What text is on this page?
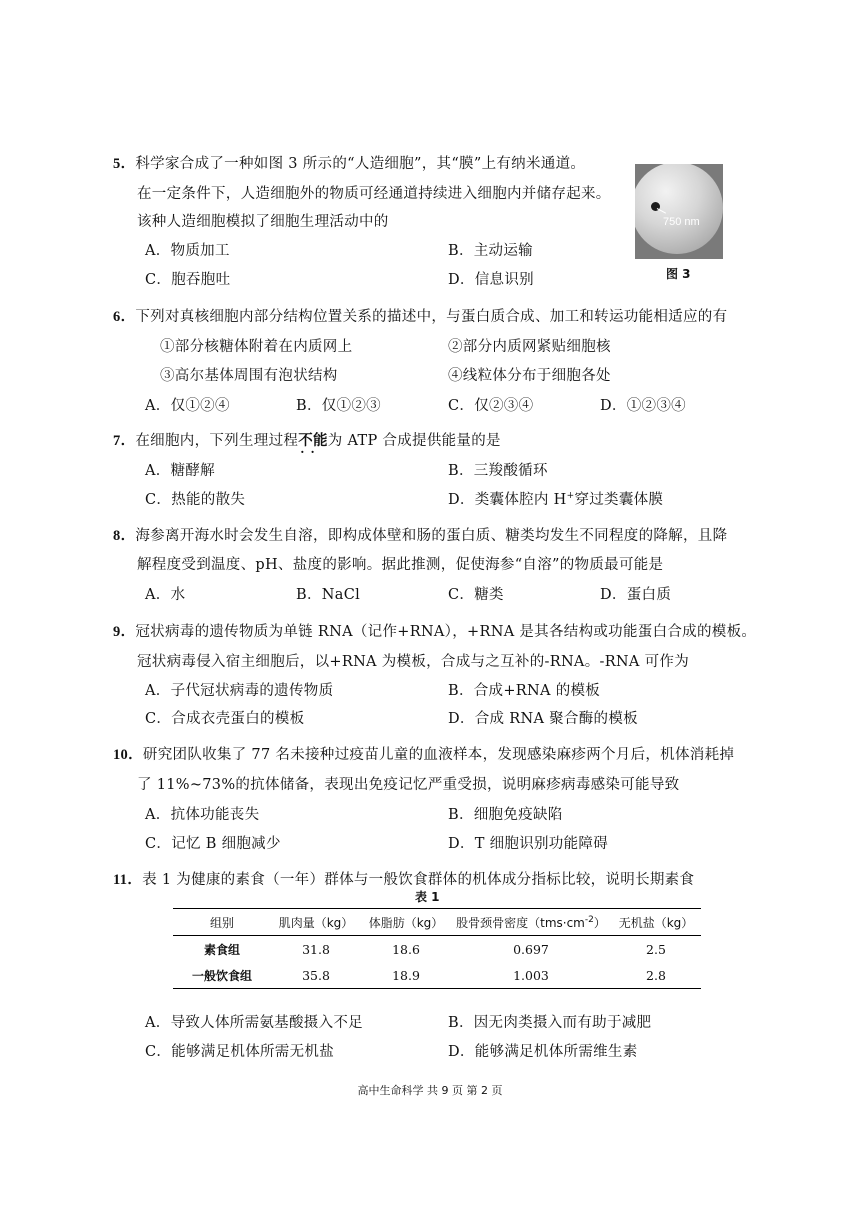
5．科学家合成了一种如图 3 所示的“人造细胞”，其“膜”上有纳米通道。
在一定条件下，人造细胞外的物质可经通道持续进入细胞内并储存起来。
该种人造细胞模拟了细胞生理活动中的
A．物质加工	B．主动运输
C．胞吞胞吐	D．信息识别
750 nm
图 3
6．下列对真核细胞内部分结构位置关系的描述中，与蛋白质合成、加工和转运功能相适应的有
①部分核糖体附着在内质网上	②部分内质网紧贴细胞核
③高尔基体周围有泡状结构	④线粒体分布于细胞各处
A．仅①②④	B．仅①②③	C．仅②③④	D．①②③④
7．在细胞内，下列生理过程不能 · ·为 ATP 合成提供能量的是
A．糖酵解	B．三羧酸循环
C．热能的散失	D．类囊体腔内 H+穿过类囊体膜
8．海参离开海水时会发生自溶，即构成体壁和肠的蛋白质、糖类均发生不同程度的降解，且降
解程度受到温度、pH、盐度的影响。据此推测，促使海参“自溶”的物质最可能是
A．水	B．NaCl	C．糖类	D．蛋白质
9．冠状病毒的遗传物质为单链 RNA（记作+RNA），+RNA 是其各结构或功能蛋白合成的模板。
冠状病毒侵入宿主细胞后，以+RNA 为模板，合成与之互补的-RNA。-RNA 可作为
A．子代冠状病毒的遗传物质	B．合成+RNA 的模板
C．合成衣壳蛋白的模板	D．合成 RNA 聚合酶的模板
10．研究团队收集了 77 名未接种过疫苗儿童的血液样本，发现感染麻疹两个月后，机体消耗掉
了 11%~73%的抗体储备，表现出免疫记忆严重受损，说明麻疹病毒感染可能导致
A．抗体功能丧失	B．细胞免疫缺陷
C．记忆 B 细胞减少	D．T 细胞识别功能障碍
11．表 1 为健康的素食（一年）群体与一般饮食群体的机体成分指标比较，说明长期素食
表 1
组别	肌肉量（kg）	体脂肪（kg）	股骨颈骨密度$(tms\cdot cm^{-2})$	无机盐（kg）
素食组	31.8	18.6	0.697	2.5
一般饮食组	35.8	18.9	1.003	2.8
A．导致人体所需氨基酸摄入不足	B．因无肉类摄入而有助于减肥
C．能够满足机体所需无机盐	D．能够满足机体所需维生素
高中生命科学 共 9 页 第 2 页
